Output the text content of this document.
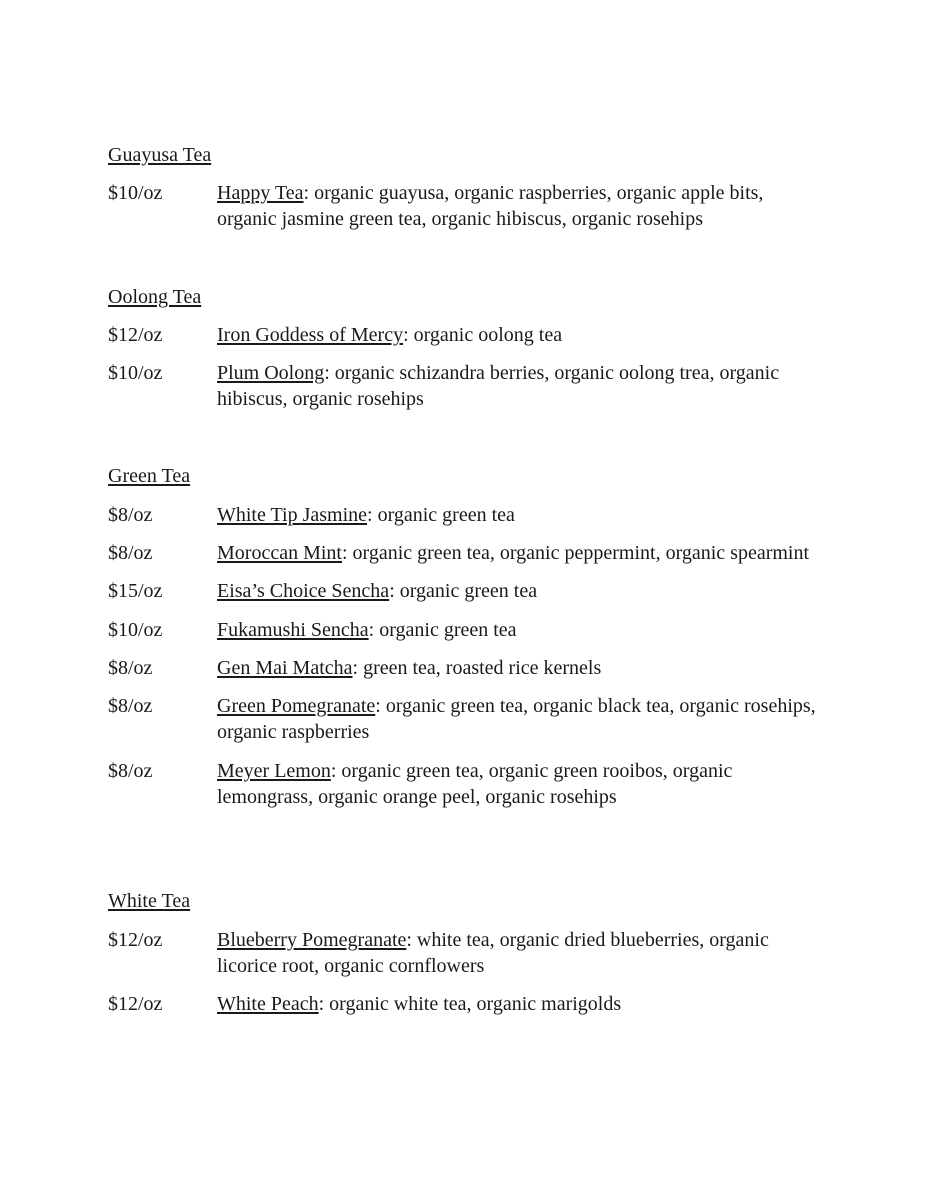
Guayusa Tea
$10/oz	Happy Tea: organic guayusa, organic raspberries, organic apple bits, organic jasmine green tea, organic hibiscus, organic rosehips
Oolong Tea
$12/oz	Iron Goddess of Mercy: organic oolong tea
$10/oz	Plum Oolong: organic schizandra berries, organic oolong trea, organic hibiscus, organic rosehips
Green Tea
$8/oz	White Tip Jasmine: organic green tea
$8/oz	Moroccan Mint: organic green tea, organic peppermint, organic spearmint
$15/oz	Eisa’s Choice Sencha: organic green tea
$10/oz	Fukamushi Sencha: organic green tea
$8/oz	Gen Mai Matcha: green tea, roasted rice kernels
$8/oz	Green Pomegranate: organic green tea, organic black tea, organic rosehips, organic raspberries
$8/oz	Meyer Lemon: organic green tea, organic green rooibos, organic lemongrass, organic orange peel, organic rosehips
White Tea
$12/oz	Blueberry Pomegranate: white tea, organic dried blueberries, organic licorice root, organic cornflowers
$12/oz	White Peach: organic white tea, organic marigolds
